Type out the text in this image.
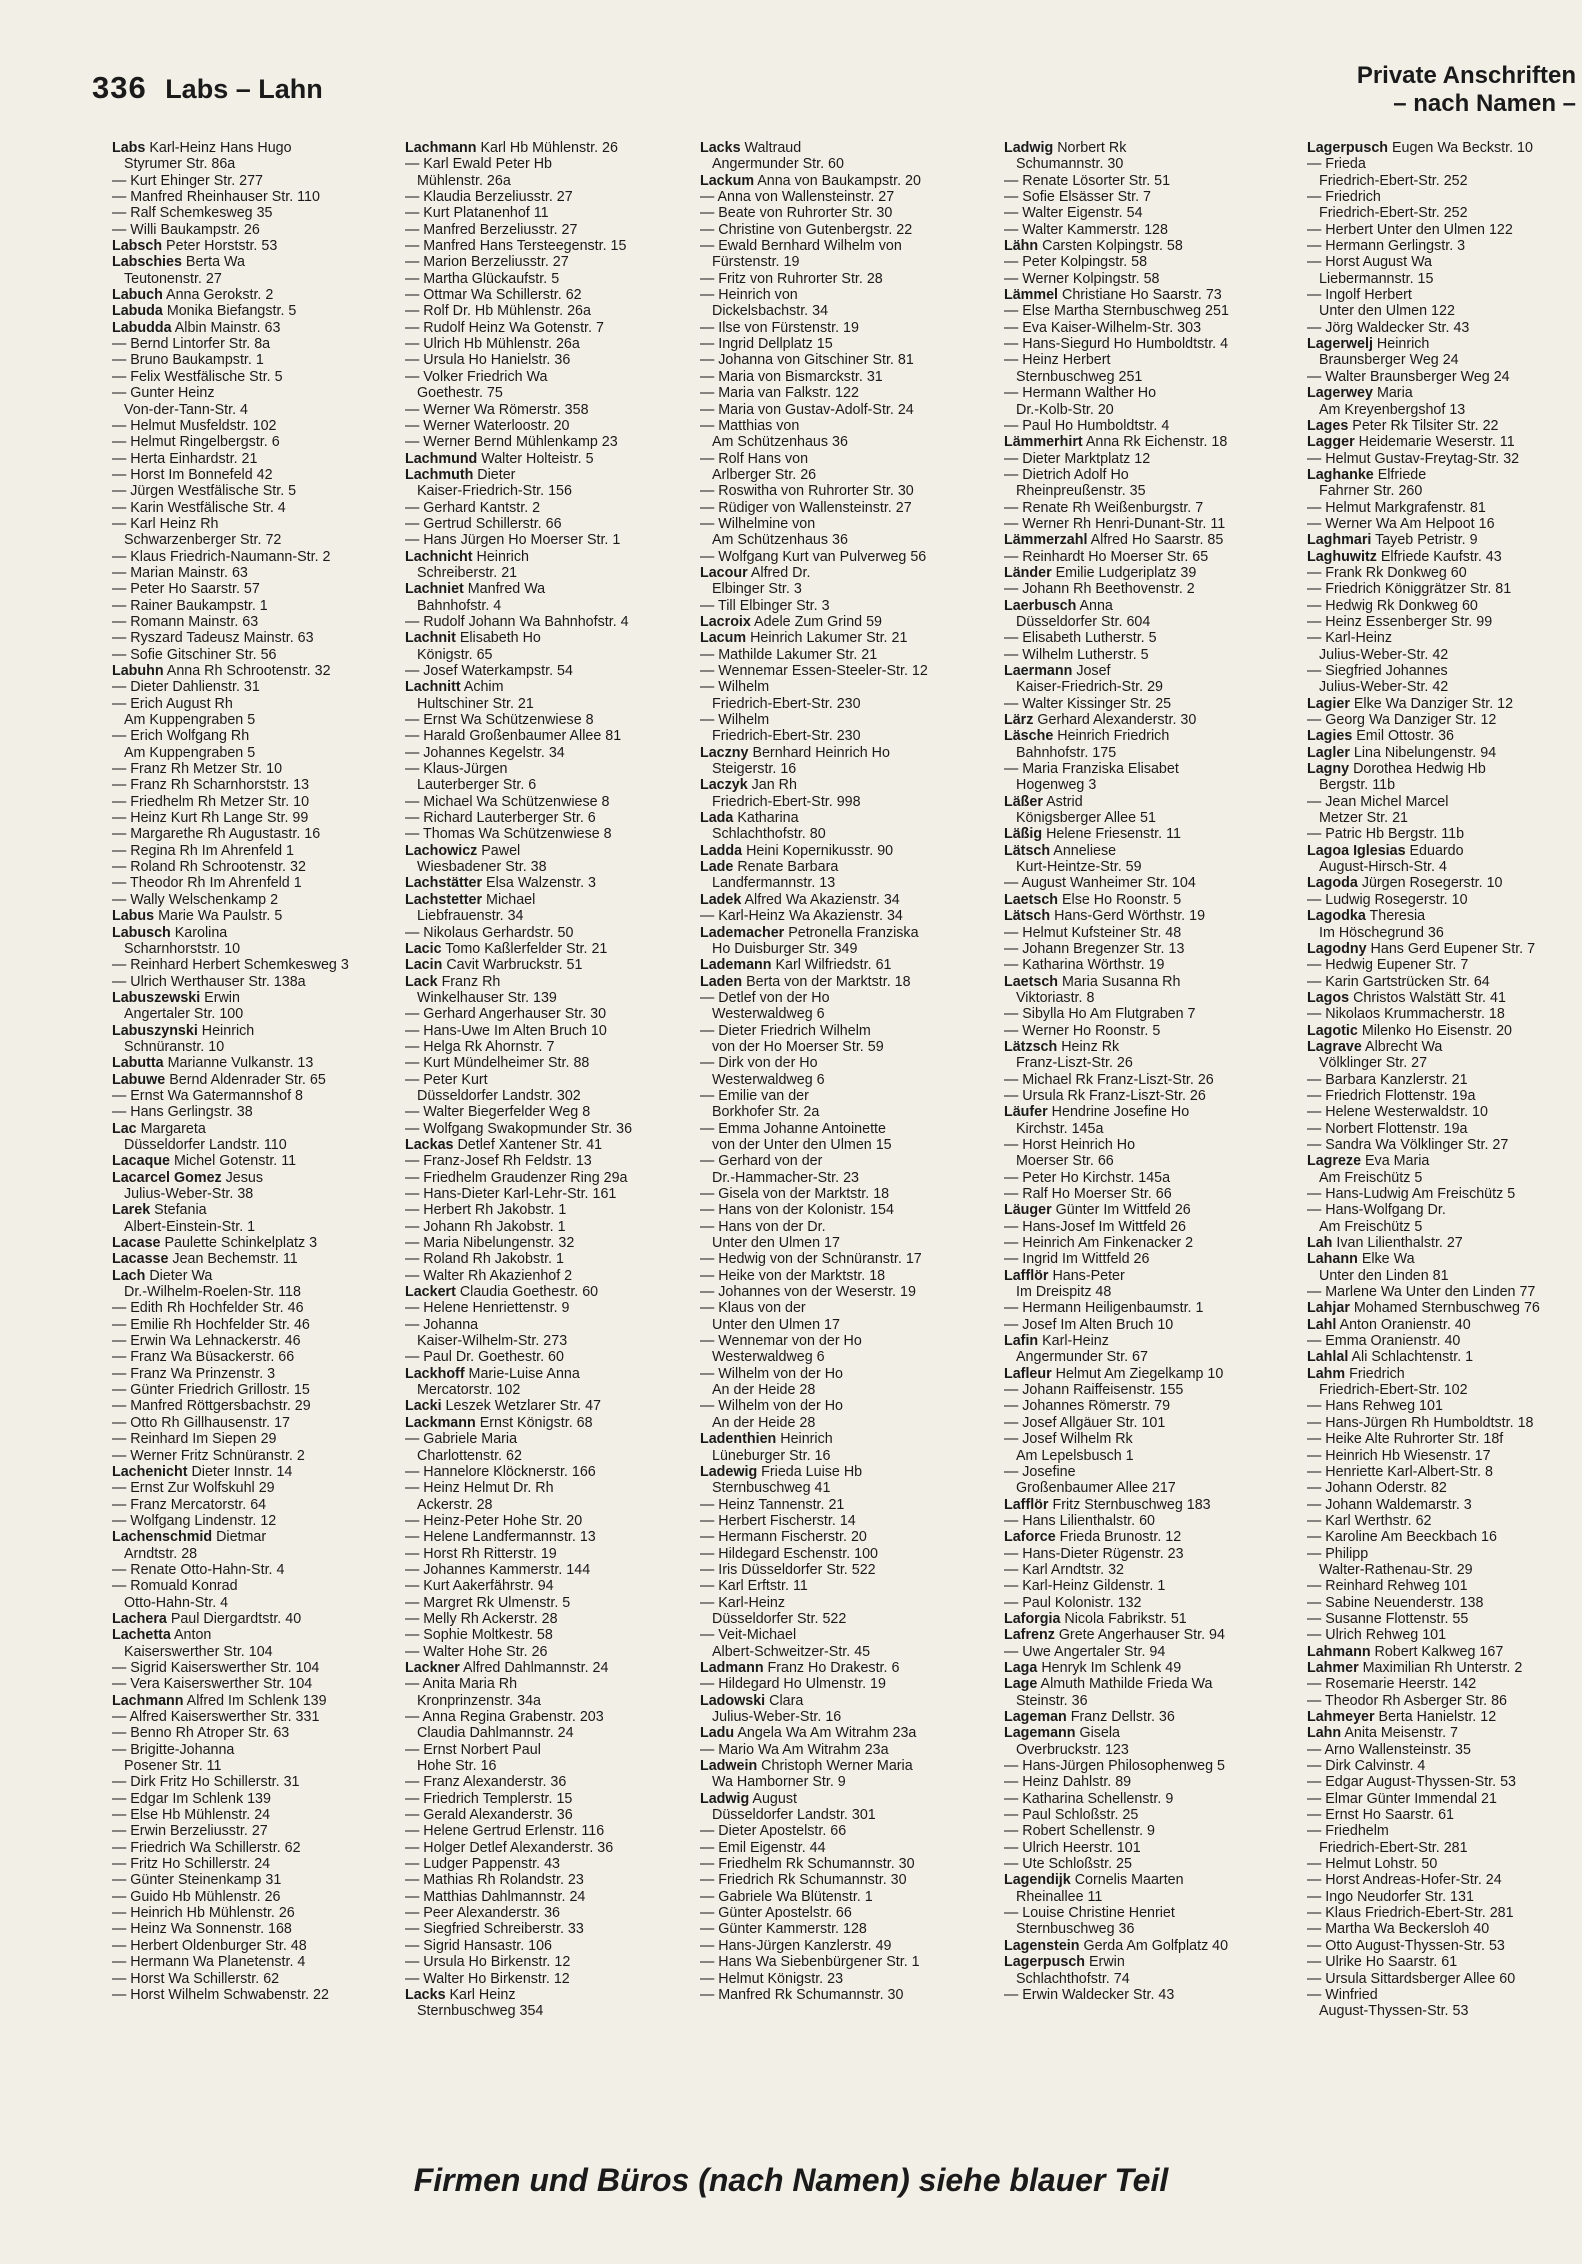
336 Labs – Lahn	Private Anschriften
– nach Namen –
Labs Karl-Heinz Hans Hugo
Styrumer Str. 86a
— Kurt Ehinger Str. 277
— Manfred Rheinhauser Str. 110
— Ralf Schemkesweg 35
— Willi Baukampstr. 26
Labsch Peter Horststr. 53
Labschies Berta Wa
Teutonenstr. 27
Labuch Anna Gerokstr. 2
Labuda Monika Biefangstr. 5
Labudda Albin Mainstr. 63
— Bernd Lintorfer Str. 8a
— Bruno Baukampstr. 1
— Felix Westfälische Str. 5
— Gunter Heinz
Von-der-Tann-Str. 4
— Helmut Musfeldstr. 102
— Helmut Ringelbergstr. 6
— Herta Einhardstr. 21
— Horst Im Bonnefeld 42
— Jürgen Westfälische Str. 5
— Karin Westfälische Str. 4
— Karl Heinz Rh
Schwarzenberger Str. 72
— Klaus Friedrich-Naumann-Str. 2
— Marian Mainstr. 63
— Peter Ho Saarstr. 57
— Rainer Baukampstr. 1
— Romann Mainstr. 63
— Ryszard Tadeusz Mainstr. 63
— Sofie Gitschiner Str. 56
Labuhn Anna Rh Schrootenstr. 32
— Dieter Dahlienstr. 31
— Erich August Rh
Am Kuppengraben 5
— Erich Wolfgang Rh
Am Kuppengraben 5
— Franz Rh Metzer Str. 10
— Franz Rh Scharnhorststr. 13
— Friedhelm Rh Metzer Str. 10
— Heinz Kurt Rh Lange Str. 99
— Margarethe Rh Augustastr. 16
— Regina Rh Im Ahrenfeld 1
— Roland Rh Schrootenstr. 32
— Theodor Rh Im Ahrenfeld 1
— Wally Welschenkamp 2
Labus Marie Wa Paulstr. 5
Labusch Karolina
Scharnhorststr. 10
— Reinhard Herbert Schemkesweg 3
— Ulrich Werthauser Str. 138a
Labuszewski Erwin
Angertaler Str. 100
Labuszynski Heinrich
Schnüranstr. 10
Labutta Marianne Vulkanstr. 13
Labuwe Bernd Aldenrader Str. 65
— Ernst Wa Gatermannshof 8
— Hans Gerlingstr. 38
Lac Margareta
Düsseldorfer Landstr. 110
Lacaque Michel Gotenstr. 11
Lacarcel Gomez Jesus
Julius-Weber-Str. 38
Larek Stefania
Albert-Einstein-Str. 1
Lacase Paulette Schinkelplatz 3
Lacasse Jean Bechemstr. 11
Lach Dieter Wa
Dr.-Wilhelm-Roelen-Str. 118
— Edith Rh Hochfelder Str. 46
— Emilie Rh Hochfelder Str. 46
— Erwin Wa Lehnackerstr. 46
— Franz Wa Büsackerstr. 66
— Franz Wa Prinzenstr. 3
— Günter Friedrich Grillostr. 15
— Manfred Röttgersbachstr. 29
— Otto Rh Gillhausenstr. 17
— Reinhard Im Siepen 29
— Werner Fritz Schnüranstr. 2
Lachenicht Dieter Innstr. 14
— Ernst Zur Wolfskuhl 29
— Franz Mercatorstr. 64
— Wolfgang Lindenstr. 12
Lachenschmid Dietmar
Arndtstr. 28
— Renate Otto-Hahn-Str. 4
— Romuald Konrad
Otto-Hahn-Str. 4
Lachera Paul Diergardtstr. 40
Lachetta Anton
Kaiserswerther Str. 104
— Sigrid Kaiserswerther Str. 104
— Vera Kaiserswerther Str. 104
Lachmann Alfred Im Schlenk 139
— Alfred Kaiserswerther Str. 331
— Benno Rh Atroper Str. 63
— Brigitte-Johanna
Posener Str. 11
— Dirk Fritz Ho Schillerstr. 31
— Edgar Im Schlenk 139
— Else Hb Mühlenstr. 24
— Erwin Berzeliusstr. 27
— Friedrich Wa Schillerstr. 62
— Fritz Ho Schillerstr. 24
— Günter Steinenkamp 31
— Guido Hb Mühlenstr. 26
— Heinrich Hb Mühlenstr. 26
— Heinz Wa Sonnenstr. 168
— Herbert Oldenburger Str. 48
— Hermann Wa Planetenstr. 4
— Horst Wa Schillerstr. 62
— Horst Wilhelm Schwabenstr. 22
Lachmann Karl Hb Mühlenstr. 26
— Karl Ewald Peter Hb
Mühlenstr. 26a
— Klaudia Berzeliusstr. 27
— Kurt Platanenhof 11
— Manfred Berzeliusstr. 27
— Manfred Hans Tersteegenstr. 15
— Marion Berzeliusstr. 27
— Martha Glückaufstr. 5
— Ottmar Wa Schillerstr. 62
— Rolf Dr. Hb Mühlenstr. 26a
— Rudolf Heinz Wa Gotenstr. 7
— Ulrich Hb Mühlenstr. 26a
— Ursula Ho Hanielstr. 36
— Volker Friedrich Wa
Goethestr. 75
— Werner Wa Römerstr. 358
— Werner Waterloostr. 20
— Werner Bernd Mühlenkamp 23
Lachmund Walter Holteistr. 5
Lachmuth Dieter
Kaiser-Friedrich-Str. 156
— Gerhard Kantstr. 2
— Gertrud Schillerstr. 66
— Hans Jürgen Ho Moerser Str. 1
Lachnicht Heinrich
Schreiberstr. 21
Lachniet Manfred Wa
Bahnhofstr. 4
— Rudolf Johann Wa Bahnhofstr. 4
Lachnit Elisabeth Ho
Königstr. 65
— Josef Waterkampstr. 54
Lachnitt Achim
Hultschiner Str. 21
— Ernst Wa Schützenwiese 8
— Harald Großenbaumer Allee 81
— Johannes Kegelstr. 34
— Klaus-Jürgen
Lauterberger Str. 6
— Michael Wa Schützenwiese 8
— Richard Lauterberger Str. 6
— Thomas Wa Schützenwiese 8
Lachowicz Pawel
Wiesbadener Str. 38
Lachstätter Elsa Walzenstr. 3
Lachstetter Michael
Liebfrauenstr. 34
— Nikolaus Gerhardstr. 50
Lacic Tomo Kaßlerfelder Str. 21
Lacin Cavit Warbruckstr. 51
Lack Franz Rh
Winkelhauser Str. 139
— Gerhard Angerhauser Str. 30
— Hans-Uwe Im Alten Bruch 10
— Helga Rk Ahornstr. 7
— Kurt Mündelheimer Str. 88
— Peter Kurt
Düsseldorfer Landstr. 302
— Walter Biegerfelder Weg 8
— Wolfgang Swakopmunder Str. 36
Lackas Detlef Xantener Str. 41
— Franz-Josef Rh Feldstr. 13
— Friedhelm Graudenzer Ring 29a
— Hans-Dieter Karl-Lehr-Str. 161
— Herbert Rh Jakobstr. 1
— Johann Rh Jakobstr. 1
— Maria Nibelungenstr. 32
— Roland Rh Jakobstr. 1
— Walter Rh Akazienhof 2
Lackert Claudia Goethestr. 60
— Helene Henriettenstr. 9
— Johanna
Kaiser-Wilhelm-Str. 273
— Paul Dr. Goethestr. 60
Lackhoff Marie-Luise Anna
Mercatorstr. 102
Lacki Leszek Wetzlarer Str. 47
Lackmann Ernst Königstr. 68
— Gabriele Maria
Charlottenstr. 62
— Hannelore Klöcknerstr. 166
— Heinz Helmut Dr. Rh
Ackerstr. 28
— Heinz-Peter Hohe Str. 20
— Helene Landfermannstr. 13
— Horst Rh Ritterstr. 19
— Johannes Kammerstr. 144
— Kurt Aakerfährstr. 94
— Margret Rk Ulmenstr. 5
— Melly Rh Ackerstr. 28
— Sophie Moltkestr. 58
— Walter Hohe Str. 26
Lackner Alfred Dahlmannstr. 24
— Anita Maria Rh
Kronprinzenstr. 34a
— Anna Regina Grabenstr. 203
Claudia Dahlmannstr. 24
— Ernst Norbert Paul
Hohe Str. 16
— Franz Alexanderstr. 36
— Friedrich Templerstr. 15
— Gerald Alexanderstr. 36
— Helene Gertrud Erlenstr. 116
— Holger Detlef Alexanderstr. 36
— Ludger Pappenstr. 43
— Mathias Rh Rolandstr. 23
— Matthias Dahlmannstr. 24
— Peer Alexanderstr. 36
— Siegfried Schreiberstr. 33
— Sigrid Hansastr. 106
— Ursula Ho Birkenstr. 12
— Walter Ho Birkenstr. 12
Lacks Karl Heinz
Sternbuschweg 354
Lacks Waltraud
Angermunder Str. 60
Lackum Anna von Baukampstr. 20
— Anna von Wallensteinstr. 27
— Beate von Ruhrorter Str. 30
— Christine von Gutenbergstr. 22
— Ewald Bernhard Wilhelm von
Fürstenstr. 19
— Fritz von Ruhrorter Str. 28
— Heinrich von
Dickelsbachstr. 34
— Ilse von Fürstenstr. 19
— Ingrid Dellplatz 15
— Johanna von Gitschiner Str. 81
— Maria von Bismarckstr. 31
— Maria van Falkstr. 122
— Maria von Gustav-Adolf-Str. 24
— Matthias von
Am Schützenhaus 36
— Rolf Hans von
Arlberger Str. 26
— Roswitha von Ruhrorter Str. 30
— Rüdiger von Wallensteinstr. 27
— Wilhelmine von
Am Schützenhaus 36
— Wolfgang Kurt van Pulverweg 56
Lacour Alfred Dr.
Elbinger Str. 3
— Till Elbinger Str. 3
Lacroix Adele Zum Grind 59
Lacum Heinrich Lakumer Str. 21
— Mathilde Lakumer Str. 21
— Wennemar Essen-Steeler-Str. 12
— Wilhelm
Friedrich-Ebert-Str. 230
— Wilhelm
Friedrich-Ebert-Str. 230
Laczny Bernhard Heinrich Ho
Steigerstr. 16
Laczyk Jan Rh
Friedrich-Ebert-Str. 998
Lada Katharina
Schlachthofstr. 80
Ladda Heini Kopernikusstr. 90
Lade Renate Barbara
Landfermannstr. 13
Ladek Alfred Wa Akazienstr. 34
— Karl-Heinz Wa Akazienstr. 34
Lademacher Petronella Franziska
Ho Duisburger Str. 349
Lademann Karl Wilfriedstr. 61
Laden Berta von der Marktstr. 18
— Detlef von der Ho
Westerwaldweg 6
— Dieter Friedrich Wilhelm
von der Ho Moerser Str. 59
— Dirk von der Ho
Westerwaldweg 6
— Emilie van der
Borkhofer Str. 2a
— Emma Johanne Antoinette
von der Unter den Ulmen 15
— Gerhard von der
Dr.-Hammacher-Str. 23
— Gisela von der Marktstr. 18
— Hans von der Kolonistr. 154
— Hans von der Dr.
Unter den Ulmen 17
— Hedwig von der Schnüranstr. 17
— Heike von der Marktstr. 18
— Johannes von der Weserstr. 19
— Klaus von der
Unter den Ulmen 17
— Wennemar von der Ho
Westerwaldweg 6
— Wilhelm von der Ho
An der Heide 28
— Wilhelm von der Ho
An der Heide 28
Ladenthien Heinrich
Lüneburger Str. 16
Ladewig Frieda Luise Hb
Sternbuschweg 41
— Heinz Tannenstr. 21
— Herbert Fischerstr. 14
— Hermann Fischerstr. 20
— Hildegard Eschenstr. 100
— Iris Düsseldorfer Str. 522
— Karl Erftstr. 11
— Karl-Heinz
Düsseldorfer Str. 522
— Veit-Michael
Albert-Schweitzer-Str. 45
Ladmann Franz Ho Drakestr. 6
— Hildegard Ho Ulmenstr. 19
Ladowski Clara
Julius-Weber-Str. 16
Ladu Angela Wa Am Witrahm 23a
— Mario Wa Am Witrahm 23a
Ladwein Christoph Werner Maria
Wa Hamborner Str. 9
Ladwig August
Düsseldorfer Landstr. 301
— Dieter Apostelstr. 66
— Emil Eigenstr. 44
— Friedhelm Rk Schumannstr. 30
— Friedrich Rk Schumannstr. 30
— Gabriele Wa Blütenstr. 1
— Günter Apostelstr. 66
— Günter Kammerstr. 128
— Hans-Jürgen Kanzlerstr. 49
— Hans Wa Siebenbürgener Str. 1
— Helmut Königstr. 23
— Manfred Rk Schumannstr. 30
Ladwig Norbert Rk
Schumannstr. 30
— Renate Lösorter Str. 51
— Sofie Elsässer Str. 7
— Walter Eigenstr. 54
— Walter Kammerstr. 128
Lähn Carsten Kolpingstr. 58
— Peter Kolpingstr. 58
— Werner Kolpingstr. 58
Lämmel Christiane Ho Saarstr. 73
— Else Martha Sternbuschweg 251
— Eva Kaiser-Wilhelm-Str. 303
— Hans-Siegurd Ho Humboldtstr. 4
— Heinz Herbert
Sternbuschweg 251
— Hermann Walther Ho
Dr.-Kolb-Str. 20
— Paul Ho Humboldtstr. 4
Lämmerhirt Anna Rk Eichenstr. 18
— Dieter Marktplatz 12
— Dietrich Adolf Ho
Rheinpreußenstr. 35
— Renate Rh Weißenburgstr. 7
— Werner Rh Henri-Dunant-Str. 11
Lämmerzahl Alfred Ho Saarstr. 85
— Reinhardt Ho Moerser Str. 65
Länder Emilie Ludgeriplatz 39
— Johann Rh Beethovenstr. 2
Laerbusch Anna
Düsseldorfer Str. 604
— Elisabeth Lutherstr. 5
— Wilhelm Lutherstr. 5
Laermann Josef
Kaiser-Friedrich-Str. 29
— Walter Kissinger Str. 25
Lärz Gerhard Alexanderstr. 30
Läsche Heinrich Friedrich
Bahnhofstr. 175
— Maria Franziska Elisabet
Hogenweg 3
Läßer Astrid
Königsberger Allee 51
Läßig Helene Friesenstr. 11
Lätsch Anneliese
Kurt-Heintze-Str. 59
— August Wanheimer Str. 104
Laetsch Else Ho Roonstr. 5
Lätsch Hans-Gerd Wörthstr. 19
— Helmut Kufsteiner Str. 48
— Johann Bregenzer Str. 13
— Katharina Wörthstr. 19
Laetsch Maria Susanna Rh
Viktoriastr. 8
— Sibylla Ho Am Flutgraben 7
— Werner Ho Roonstr. 5
Lätzsch Heinz Rk
Franz-Liszt-Str. 26
— Michael Rk Franz-Liszt-Str. 26
— Ursula Rk Franz-Liszt-Str. 26
Läufer Hendrine Josefine Ho
Kirchstr. 145a
— Horst Heinrich Ho
Moerser Str. 66
— Peter Ho Kirchstr. 145a
— Ralf Ho Moerser Str. 66
Läuger Günter Im Wittfeld 26
— Hans-Josef Im Wittfeld 26
— Heinrich Am Finkenacker 2
— Ingrid Im Wittfeld 26
Lafflör Hans-Peter
Im Dreispitz 48
— Hermann Heiligenbaumstr. 1
— Josef Im Alten Bruch 10
Lafin Karl-Heinz
Angermunder Str. 67
Lafleur Helmut Am Ziegelkamp 10
— Johann Raiffeisenstr. 155
— Johannes Römerstr. 79
— Josef Allgäuer Str. 101
— Josef Wilhelm Rk
Am Lepelsbusch 1
— Josefine
Großenbaumer Allee 217
Lafflör Fritz Sternbuschweg 183
— Hans Lilienthalstr. 60
Laforce Frieda Brunostr. 12
— Hans-Dieter Rügenstr. 23
— Karl Arndtstr. 32
— Karl-Heinz Gildenstr. 1
— Paul Kolonistr. 132
Laforgia Nicola Fabrikstr. 51
Lafrenz Grete Angerhauser Str. 94
— Uwe Angertaler Str. 94
Laga Henryk Im Schlenk 49
Lage Almuth Mathilde Frieda Wa
Steinstr. 36
Lageman Franz Dellstr. 36
Lagemann Gisela
Overbruckstr. 123
— Hans-Jürgen Philosophenweg 5
— Heinz Dahlstr. 89
— Katharina Schellenstr. 9
— Paul Schloßstr. 25
— Robert Schellenstr. 9
— Ulrich Heerstr. 101
— Ute Schloßstr. 25
Lagendijk Cornelis Maarten
Rheinallee 11
— Louise Christine Henriet
Sternbuschweg 36
Lagenstein Gerda Am Golfplatz 40
Lagerpusch Erwin
Schlachthofstr. 74
— Erwin Waldecker Str. 43
Lagerpusch Eugen Wa Beckstr. 10
— Frieda
Friedrich-Ebert-Str. 252
— Friedrich
Friedrich-Ebert-Str. 252
— Herbert Unter den Ulmen 122
— Hermann Gerlingstr. 3
— Horst August Wa
Liebermannstr. 15
— Ingolf Herbert
Unter den Ulmen 122
— Jörg Waldecker Str. 43
Lagerwelj Heinrich
Braunsberger Weg 24
— Walter Braunsberger Weg 24
Lagerwey Maria
Am Kreyenbergshof 13
Lages Peter Rk Tilsiter Str. 22
Lagger Heidemarie Weserstr. 11
— Helmut Gustav-Freytag-Str. 32
Laghanke Elfriede
Fahrner Str. 260
— Helmut Markgrafenstr. 81
— Werner Wa Am Helpoot 16
Laghmari Tayeb Petristr. 9
Laghuwitz Elfriede Kaufstr. 43
— Frank Rk Donkweg 60
— Friedrich Königgrätzer Str. 81
— Hedwig Rk Donkweg 60
— Heinz Essenberger Str. 99
— Karl-Heinz
Julius-Weber-Str. 42
— Siegfried Johannes
Julius-Weber-Str. 42
Lagier Elke Wa Danziger Str. 12
— Georg Wa Danziger Str. 12
Lagies Emil Ottostr. 36
Lagler Lina Nibelungenstr. 94
Lagny Dorothea Hedwig Hb
Bergstr. 11b
— Jean Michel Marcel
Metzer Str. 21
— Patric Hb Bergstr. 11b
Lagoa Iglesias Eduardo
August-Hirsch-Str. 4
Lagoda Jürgen Rosegerstr. 10
— Ludwig Rosegerstr. 10
Lagodka Theresia
Im Höschegrund 36
Lagodny Hans Gerd Eupener Str. 7
— Hedwig Eupener Str. 7
— Karin Gartstrücken Str. 64
Lagos Christos Walstätt Str. 41
— Nikolaos Krummacherstr. 18
Lagotic Milenko Ho Eisenstr. 20
Lagrave Albrecht Wa
Völklinger Str. 27
— Barbara Kanzlerstr. 21
— Friedrich Flottenstr. 19a
— Helene Westerwaldstr. 10
— Norbert Flottenstr. 19a
— Sandra Wa Völklinger Str. 27
Lagreze Eva Maria
Am Freischütz 5
— Hans-Ludwig Am Freischütz 5
— Hans-Wolfgang Dr.
Am Freischütz 5
Lah Ivan Lilienthalstr. 27
Lahann Elke Wa
Unter den Linden 81
— Marlene Wa Unter den Linden 77
Lahjar Mohamed Sternbuschweg 76
Lahl Anton Oranienstr. 40
— Emma Oranienstr. 40
Lahlal Ali Schlachtenstr. 1
Lahm Friedrich
Friedrich-Ebert-Str. 102
— Hans Rehweg 101
— Hans-Jürgen Rh Humboldtstr. 18
— Heike Alte Ruhrorter Str. 18f
— Heinrich Hb Wiesenstr. 17
— Henriette Karl-Albert-Str. 8
— Johann Oderstr. 82
— Johann Waldemarstr. 3
— Karl Werthstr. 62
— Karoline Am Beeckbach 16
— Philipp
Walter-Rathenau-Str. 29
— Reinhard Rehweg 101
— Sabine Neuenderstr. 138
— Susanne Flottenstr. 55
— Ulrich Rehweg 101
Lahmann Robert Kalkweg 167
Lahmer Maximilian Rh Unterstr. 2
— Rosemarie Heerstr. 142
— Theodor Rh Asberger Str. 86
Lahmeyer Berta Hanielstr. 12
Lahn Anita Meisenstr. 7
— Arno Wallensteinstr. 35
— Dirk Calvinstr. 4
— Edgar August-Thyssen-Str. 53
— Elmar Günter Immendal 21
— Ernst Ho Saarstr. 61
— Friedhelm
Friedrich-Ebert-Str. 281
— Helmut Lohstr. 50
— Horst Andreas-Hofer-Str. 24
— Ingo Neudorfer Str. 131
— Klaus Friedrich-Ebert-Str. 281
— Martha Wa Beckersloh 40
— Otto August-Thyssen-Str. 53
— Ulrike Ho Saarstr. 61
— Ursula Sittardsberger Allee 60
— Winfried
August-Thyssen-Str. 53
Firmen und Büros (nach Namen) siehe blauer Teil
